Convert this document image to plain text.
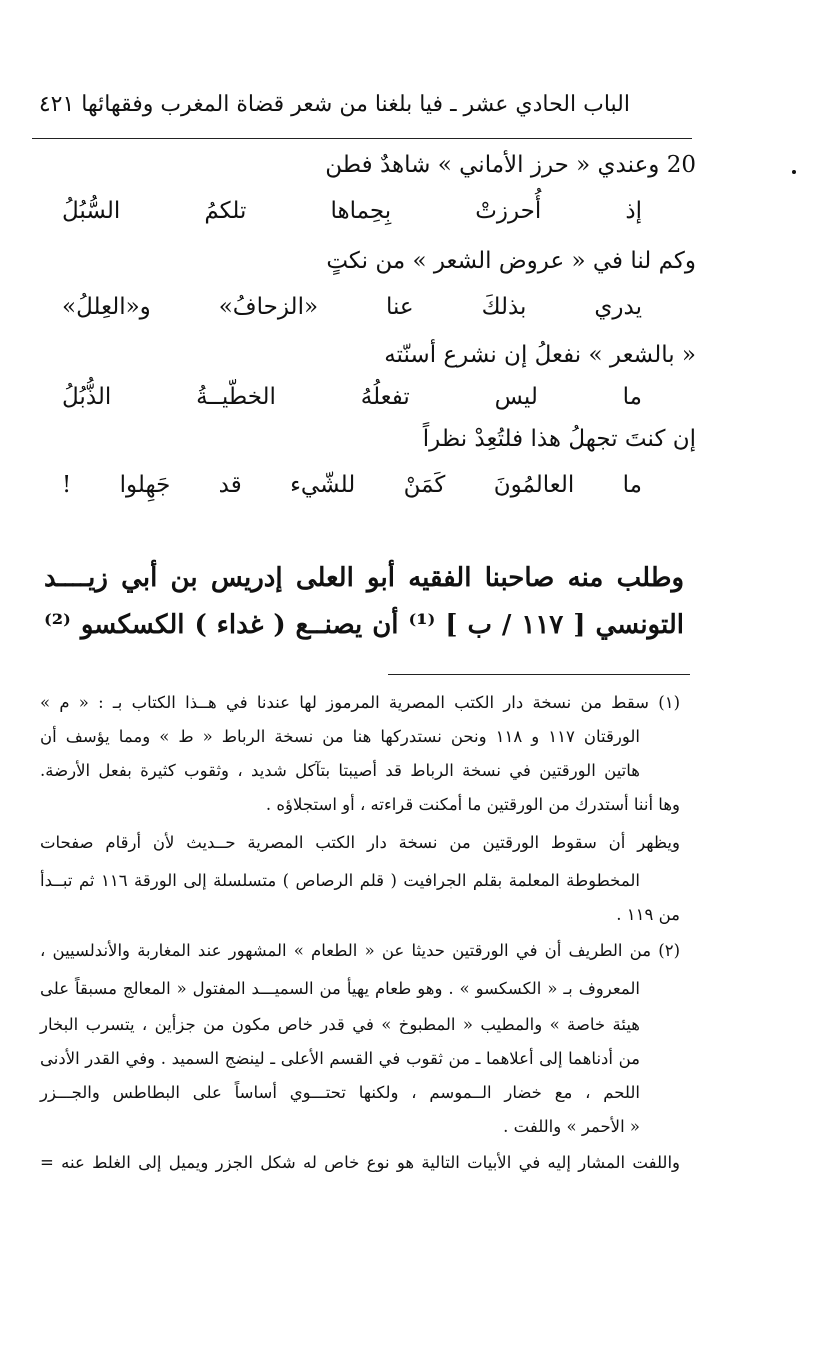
الباب الحادي عشر ـ فيا بلغنا من شعر قضاة المغرب وفقهائها ٤٢١
20 وعندي « حرز الأماني » شاهدٌ فطن
إذ أُحرزتْ بِحِماها تلكمُ السُّبُلُ
وكم لنا في « عروض الشعر » من نكتٍ
يدري بذلكَ عنا «الزحافُ» و«العِللُ»
« بالشعر » نفعلُ إن نشرع أسنّته
ما ليس تفعلُهُ الخطّيــةُ الذُّبُلُ
إن كنتَ تجهلُ هذا فلتُعِدْ نظراً
ما العالمُونَ كَمَنْ للشّيء قد جَهِلوا !
وطلب منه صاحبنا الفقيه أبو العلى إدريس بن أبي زيــــد
التونسي [ ١١٧ / ب ] ⁽¹⁾ أن يصنــع ( غداء ) الكسكسو ⁽²⁾
(١) سقط من نسخة دار الكتب المصرية المرموز لها عندنا في هــذا الكتاب بـ : « م »
الورقتان ١١٧ و ١١٨ ونحن نستدركها هنا من نسخة الرباط « ط » ومما يؤسف أن
هاتين الورقتين في نسخة الرباط قد أصيبتا بتآكل شديد ، وثقوب كثيرة بفعل الأرضة.
وها أننا أستدرك من الورقتين ما أمكنت قراءته ، أو استجلاؤه .
ويظهر أن سقوط الورقتين من نسخة دار الكتب المصرية حــديث لأن أرقام صفحات
المخطوطة المعلمة بقلم الجرافيت ( قلم الرصاص ) متسلسلة إلى الورقة ١١٦ ثم تبــدأ
من ١١٩ .
(٢) من الطريف أن في الورقتين حديثا عن « الطعام » المشهور عند المغاربة والأندلسيين ،
المعروف بـ « الكسكسو » . وهو طعام يهيأ من السميـــد المفتول « المعالج مسبقاً على
هيئة خاصة » والمطيب « المطبوخ » في قدر خاص مكون من جزأين ، يتسرب البخار
من أدناهما إلى أعلاهما ـ من ثقوب في القسم الأعلى ـ لينضج السميد . وفي القدر الأدنى
اللحم ، مع خضار الــموسم ، ولكنها تحتـــوي أساساً على البطاطس والجـــزر
« الأحمر » واللفت .
واللفت المشار إليه في الأبيات التالية هو نوع خاص له شكل الجزر ويميل إلى الغلط عنه =
